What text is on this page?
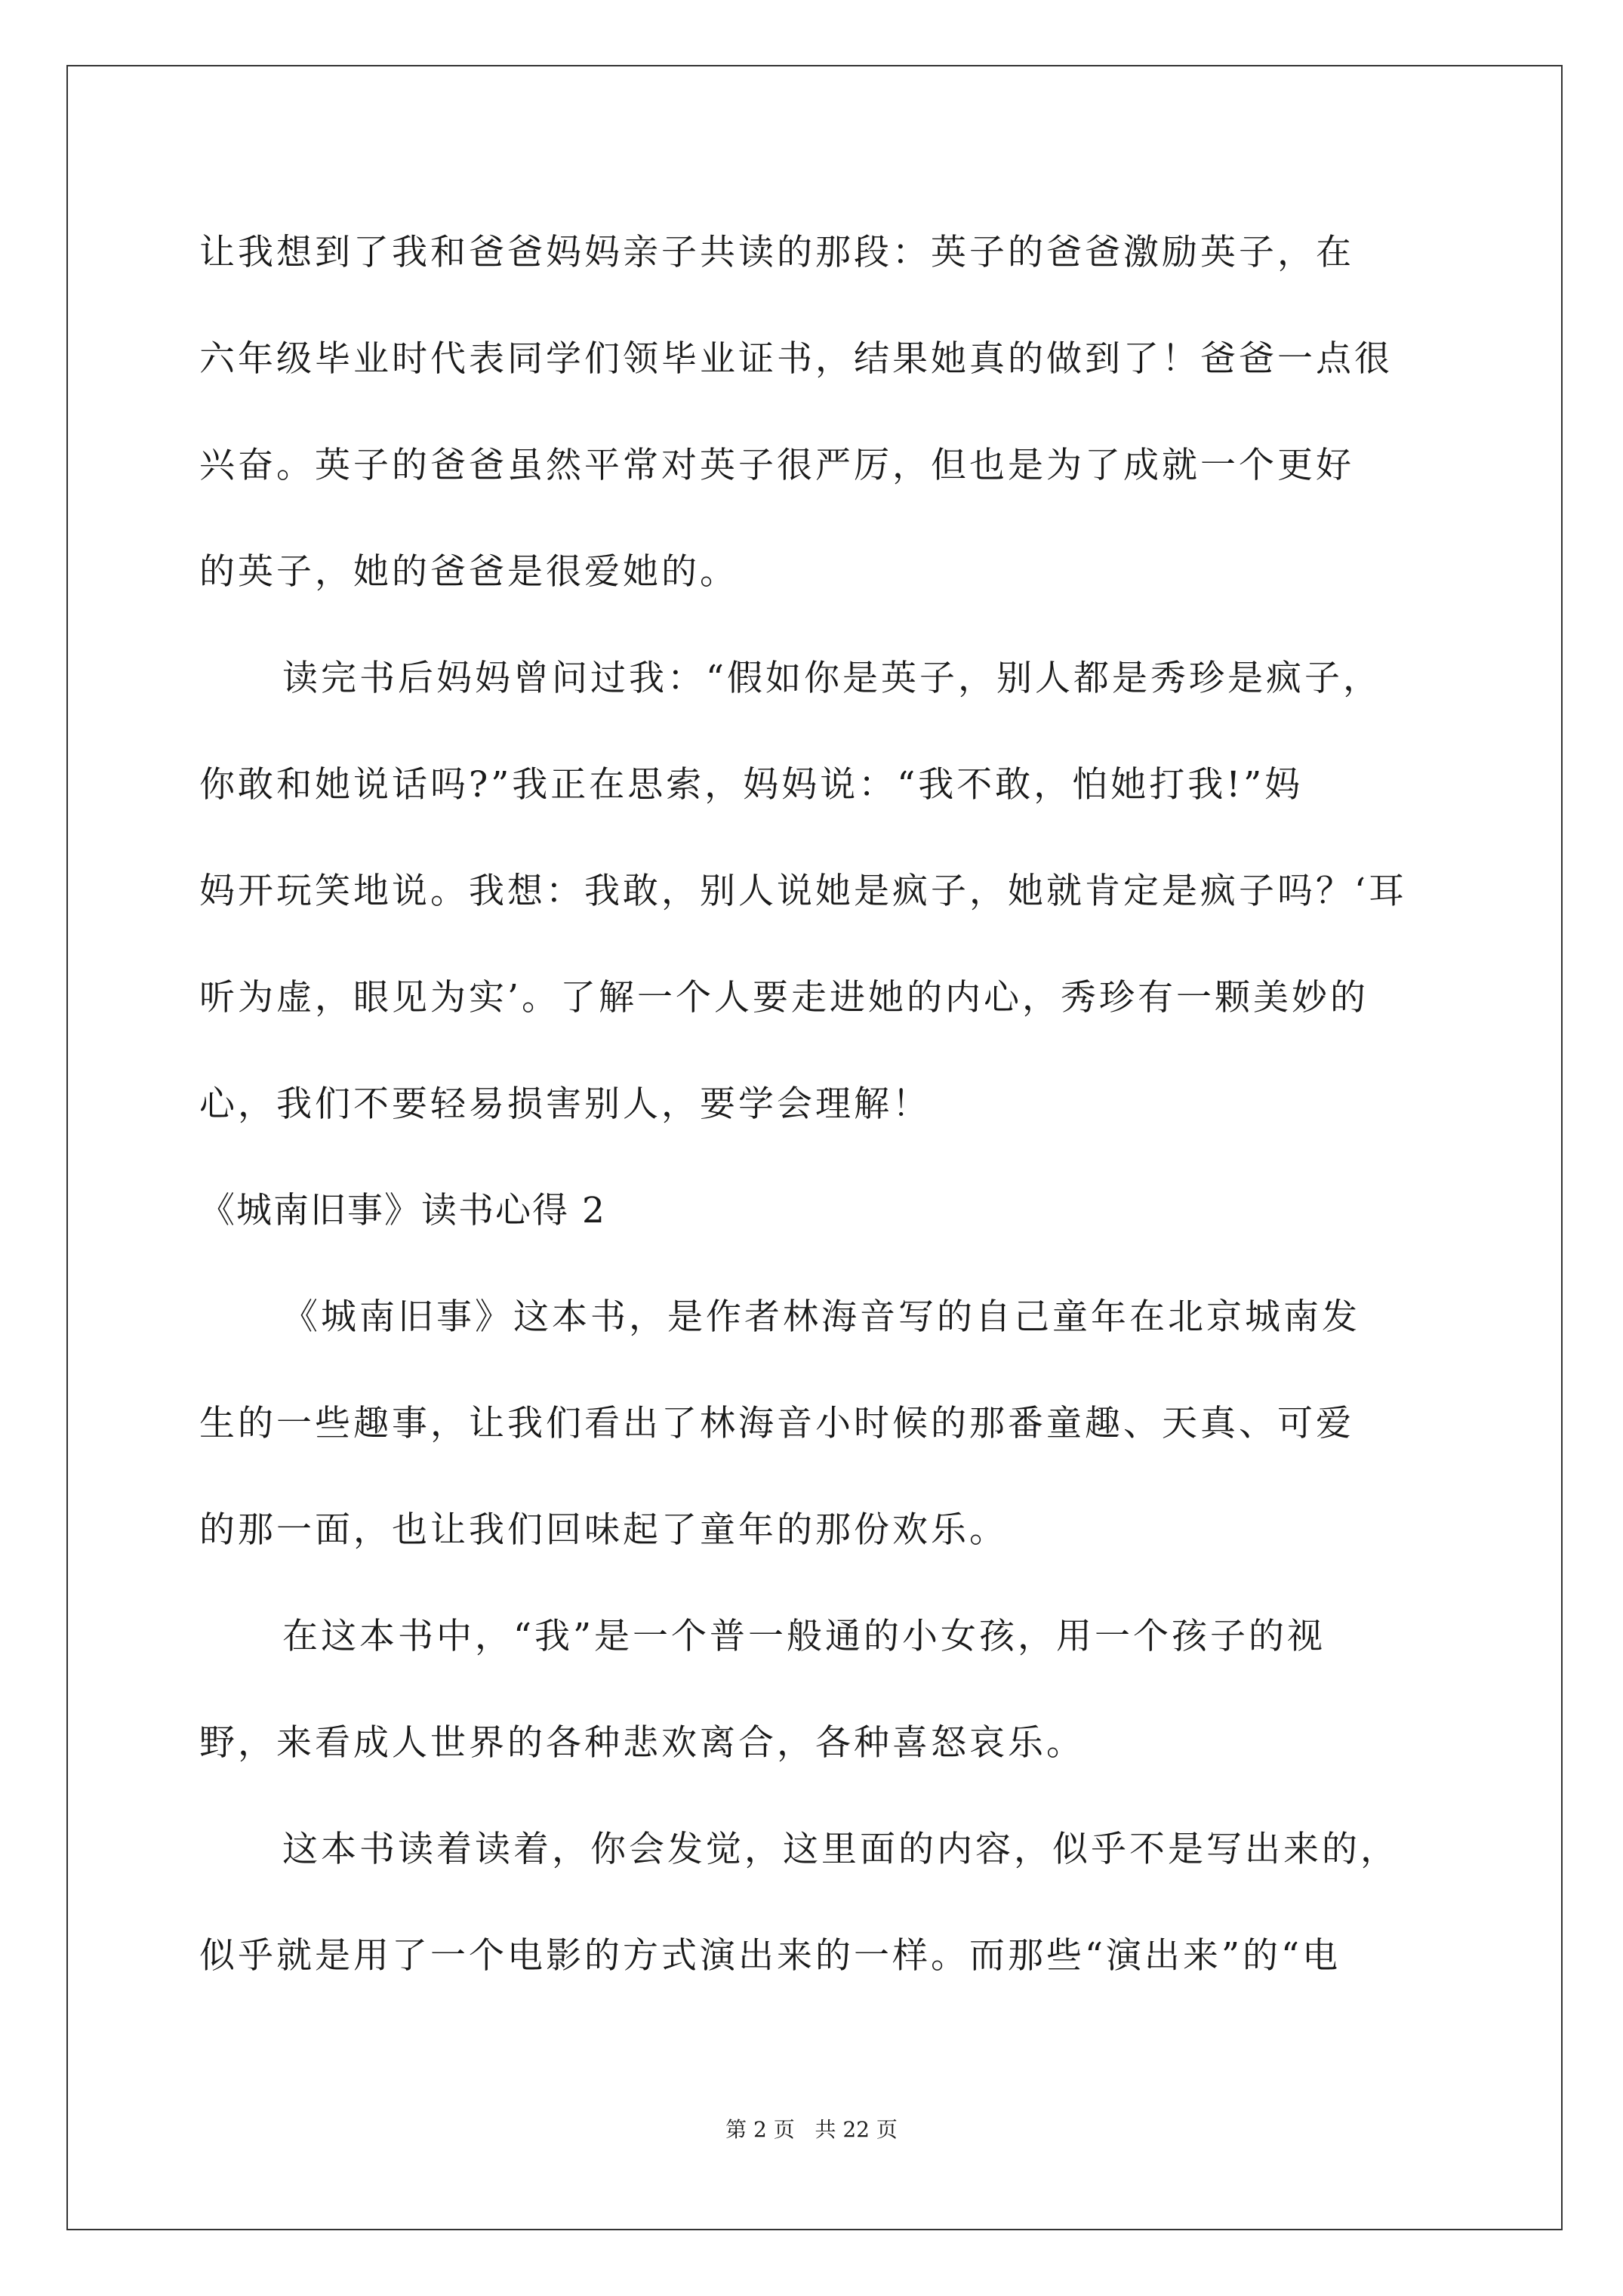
让我想到了我和爸爸妈妈亲子共读的那段：英子的爸爸激励英子，在
六年级毕业时代表同学们领毕业证书，结果她真的做到了！爸爸一点很
兴奋。英子的爸爸虽然平常对英子很严厉，但也是为了成就一个更好
的英子，她的爸爸是很爱她的。
读完书后妈妈曾问过我：“假如你是英子，别人都是秀珍是疯子，
你敢和她说话吗?”我正在思索，妈妈说：“我不敢，怕她打我!”妈
妈开玩笑地说。我想：我敢，别人说她是疯子，她就肯定是疯子吗？‘耳
听为虚，眼见为实’。了解一个人要走进她的内心，秀珍有一颗美妙的
心，我们不要轻易损害别人，要学会理解！
《城南旧事》读书心得 2
《城南旧事》这本书，是作者林海音写的自己童年在北京城南发
生的一些趣事，让我们看出了林海音小时候的那番童趣、天真、可爱
的那一面，也让我们回味起了童年的那份欢乐。
在这本书中，“我”是一个普一般通的小女孩，用一个孩子的视
野，来看成人世界的各种悲欢离合，各种喜怒哀乐。
这本书读着读着，你会发觉，这里面的内容，似乎不是写出来的，
似乎就是用了一个电影的方式演出来的一样。而那些“演出来”的“电
第 2 页   共 22 页
